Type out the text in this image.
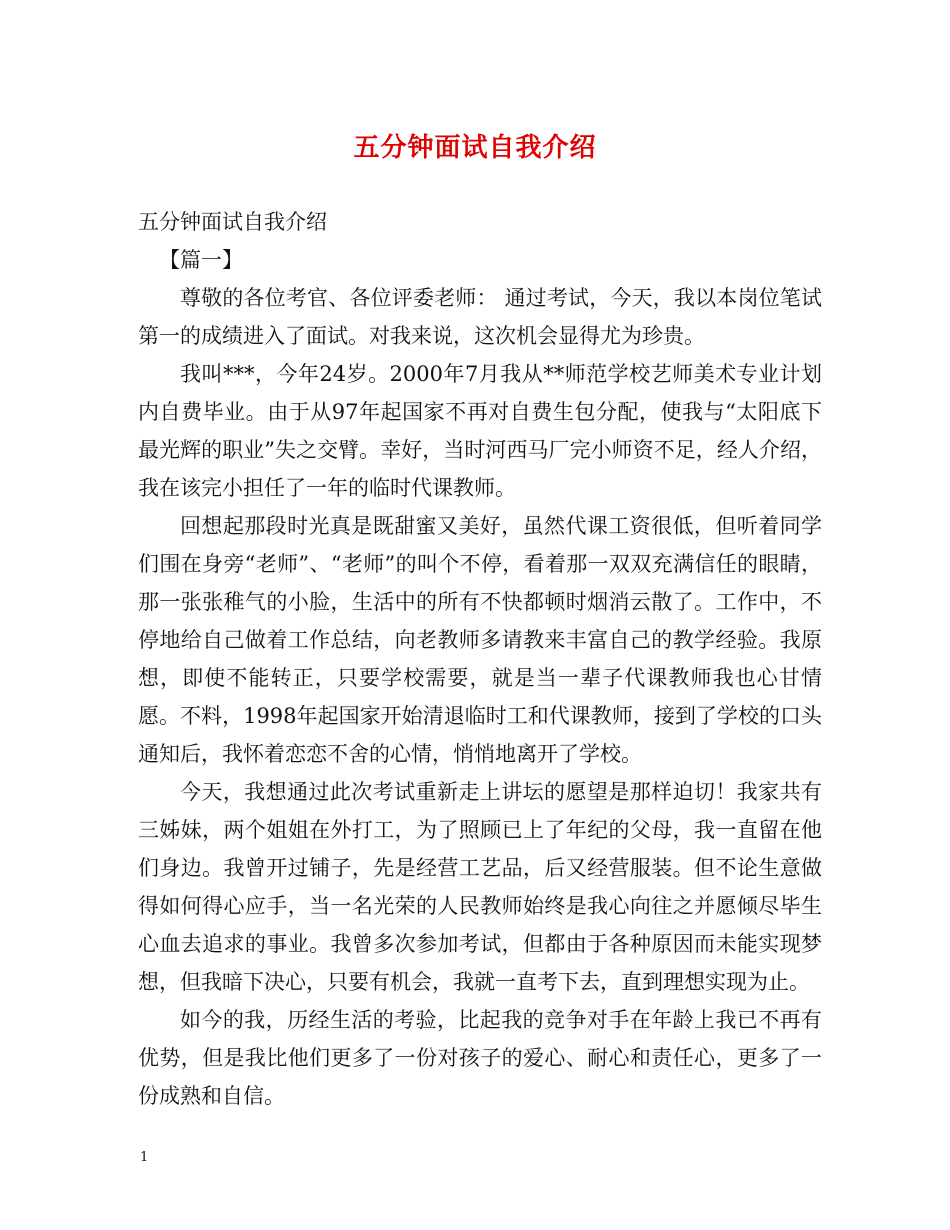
五分钟面试自我介绍

五分钟面试自我介绍

【篇一】

尊敬的各位考官、各位评委老师： 通过考试，今天，我以本岗位笔试第一的成绩进入了面试。对我来说，这次机会显得尤为珍贵。

我叫***，今年24岁。2000年7月我从**师范学校艺师美术专业计划内自费毕业。由于从97年起国家不再对自费生包分配，使我与“太阳底下最光辉的职业”失之交臂。幸好，当时河西马厂完小师资不足，经人介绍，我在该完小担任了一年的临时代课教师。

回想起那段时光真是既甜蜜又美好，虽然代课工资很低，但听着同学们围在身旁“老师”、“老师”的叫个不停，看着那一双双充满信任的眼睛，那一张张稚气的小脸，生活中的所有不快都顿时烟消云散了。工作中，不停地给自己做着工作总结，向老教师多请教来丰富自己的教学经验。我原想，即使不能转正，只要学校需要，就是当一辈子代课教师我也心甘情愿。不料，1998年起国家开始清退临时工和代课教师，接到了学校的口头通知后，我怀着恋恋不舍的心情，悄悄地离开了学校。

今天，我想通过此次考试重新走上讲坛的愿望是那样迫切！我家共有三姊妹，两个姐姐在外打工，为了照顾已上了年纪的父母，我一直留在他们身边。我曾开过铺子，先是经营工艺品，后又经营服装。但不论生意做得如何得心应手，当一名光荣的人民教师始终是我心向往之并愿倾尽毕生心血去追求的事业。我曾多次参加考试，但都由于各种原因而未能实现梦想，但我暗下决心，只要有机会，我就一直考下去，直到理想实现为止。

如今的我，历经生活的考验，比起我的竞争对手在年龄上我已不再有优势，但是我比他们更多了一份对孩子的爱心、耐心和责任心，更多了一份成熟和自信。

1
